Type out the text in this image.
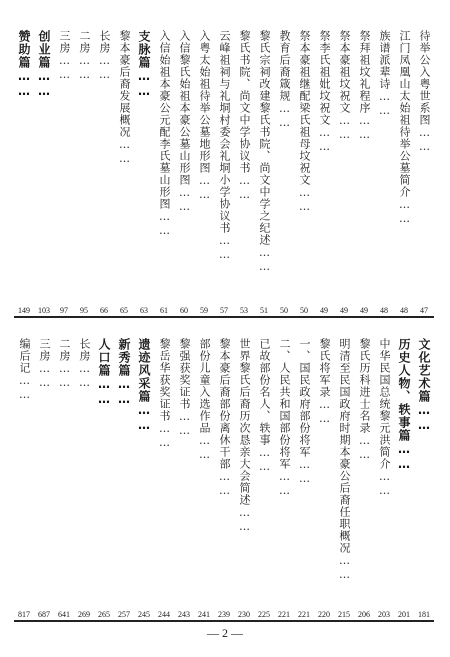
待举公入粤世系图……
47
江门凤凰山太始祖待举公墓简介……
48
族谱派辈诗……
48
祭拜祖坟礼程序……
49
祭本豪祖坟祝文……
49
祭李氏祖妣坟祝文……
49
祭本豪祖继配梁氏祖母坟祝文……
50
教育后裔箴规……
50
黎氏宗祠改建黎氏书院、尚文中学之纪述……
51
黎氏书院、尚文中学协议书……
53
云峰祖祠与礼垌村委会礼垌小学协议书……
57
入粤太始祖待举公墓地形图……
59
入信黎氏始祖本豪公墓山形图……
60
入信始祖本豪公元配李氏墓山形图……
61
支脉篇……
63
黎本豪后裔发展概况……
65
长房……
66
二房……
95
三房……
97
创业篇……
103
赞助篇……
149
文化艺术篇……
181
历史人物、轶事篇……
201
中华民国总统黎元洪简介……
203
黎氏历科进士名录……
206
明清至民国政府时期本豪公后裔任职概况……
215
黎氏将军录……
220
一、国民政府部份将军……
221
二、人民共和国部份将军……
221
已故部份名人、轶事……
225
世界黎氏后裔历次恳亲大会简述……
230
黎本豪后裔部份离休干部……
239
部份儿童入选作品……
241
黎强获奖证书……
243
黎岳华获奖证书……
244
遗迹风采篇……
245
新秀篇……
257
人口篇……
265
长房……
269
二房……
641
三房……
687
编后记……
817
— 2 —
